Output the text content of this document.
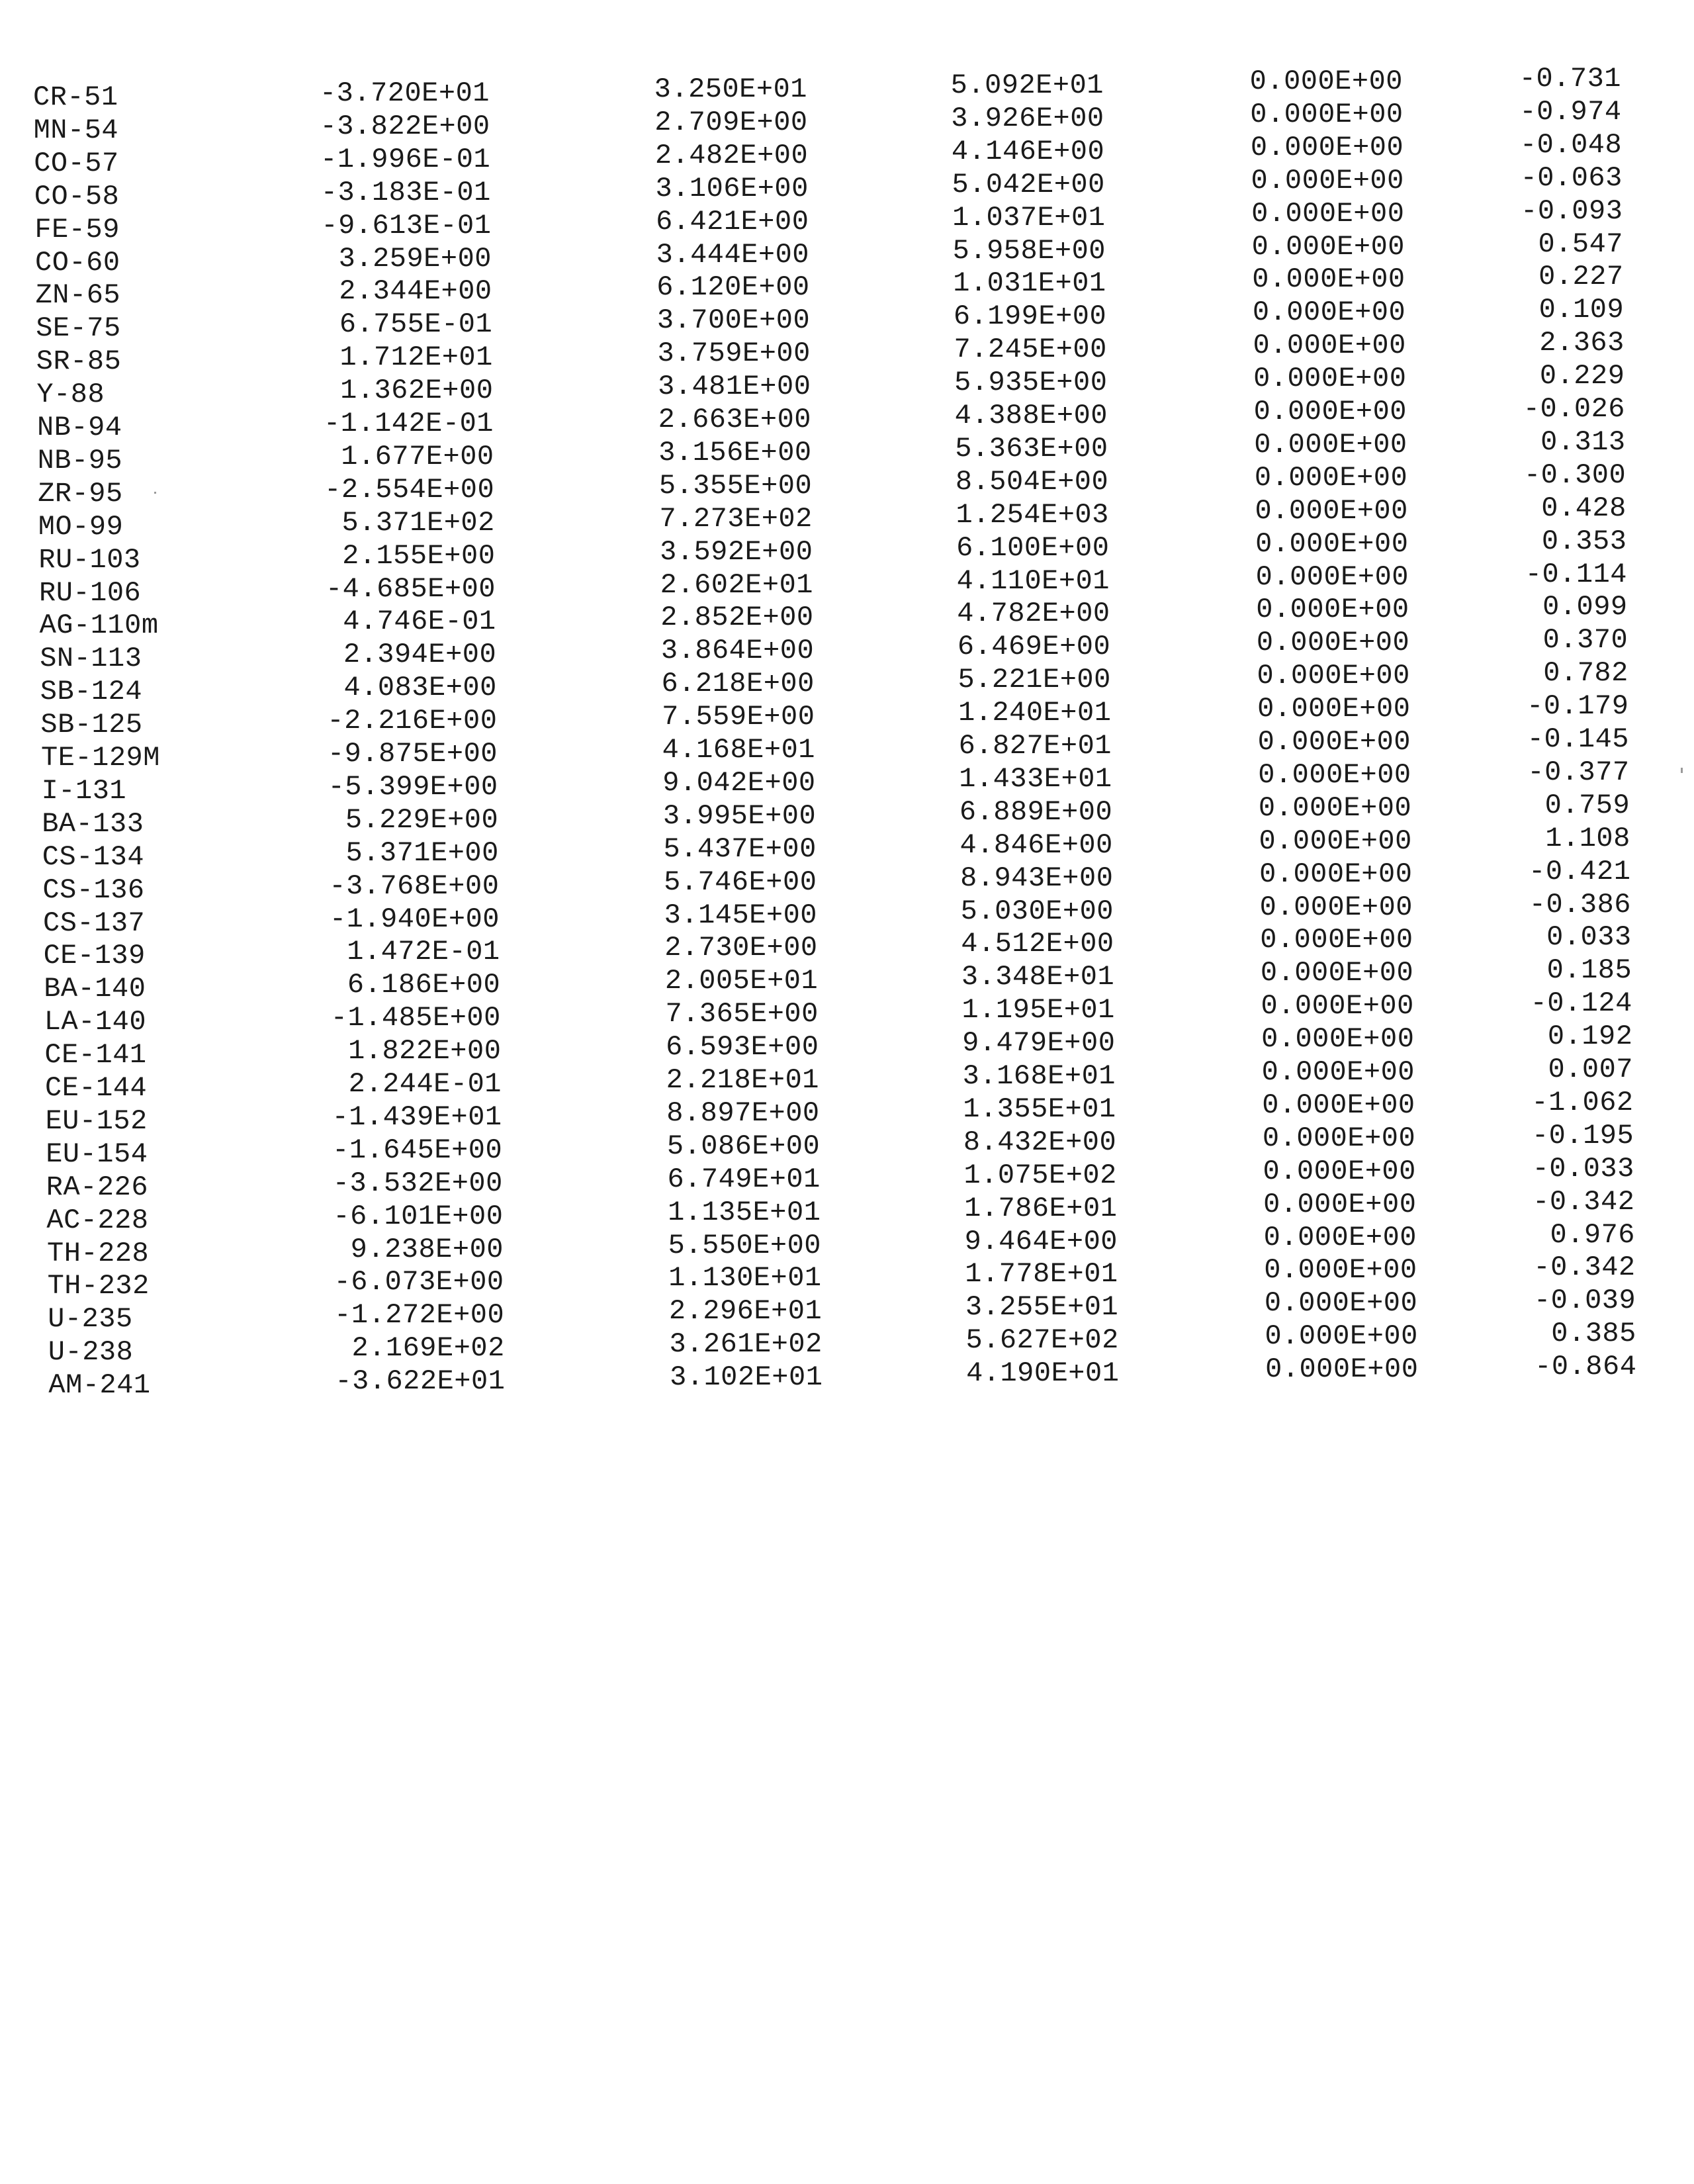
CR-51	-3.720E+01	3.250E+01	5.092E+01	0.000E+00	-0.731
MN-54	-3.822E+00	2.709E+00	3.926E+00	0.000E+00	-0.974
CO-57	-1.996E-01	2.482E+00	4.146E+00	0.000E+00	-0.048
CO-58	-3.183E-01	3.106E+00	5.042E+00	0.000E+00	-0.063
FE-59	-9.613E-01	6.421E+00	1.037E+01	0.000E+00	-0.093
CO-60	3.259E+00	3.444E+00	5.958E+00	0.000E+00	0.547
ZN-65	2.344E+00	6.120E+00	1.031E+01	0.000E+00	0.227
SE-75	6.755E-01	3.700E+00	6.199E+00	0.000E+00	0.109
SR-85	1.712E+01	3.759E+00	7.245E+00	0.000E+00	2.363
Y-88	1.362E+00	3.481E+00	5.935E+00	0.000E+00	0.229
NB-94	-1.142E-01	2.663E+00	4.388E+00	0.000E+00	-0.026
NB-95	1.677E+00	3.156E+00	5.363E+00	0.000E+00	0.313
ZR-95	-2.554E+00	5.355E+00	8.504E+00	0.000E+00	-0.300
MO-99	5.371E+02	7.273E+02	1.254E+03	0.000E+00	0.428
RU-103	2.155E+00	3.592E+00	6.100E+00	0.000E+00	0.353
RU-106	-4.685E+00	2.602E+01	4.110E+01	0.000E+00	-0.114
AG-110m	4.746E-01	2.852E+00	4.782E+00	0.000E+00	0.099
SN-113	2.394E+00	3.864E+00	6.469E+00	0.000E+00	0.370
SB-124	4.083E+00	6.218E+00	5.221E+00	0.000E+00	0.782
SB-125	-2.216E+00	7.559E+00	1.240E+01	0.000E+00	-0.179
TE-129M	-9.875E+00	4.168E+01	6.827E+01	0.000E+00	-0.145
I-131	-5.399E+00	9.042E+00	1.433E+01	0.000E+00	-0.377
BA-133	5.229E+00	3.995E+00	6.889E+00	0.000E+00	0.759
CS-134	5.371E+00	5.437E+00	4.846E+00	0.000E+00	1.108
CS-136	-3.768E+00	5.746E+00	8.943E+00	0.000E+00	-0.421
CS-137	-1.940E+00	3.145E+00	5.030E+00	0.000E+00	-0.386
CE-139	1.472E-01	2.730E+00	4.512E+00	0.000E+00	0.033
BA-140	6.186E+00	2.005E+01	3.348E+01	0.000E+00	0.185
LA-140	-1.485E+00	7.365E+00	1.195E+01	0.000E+00	-0.124
CE-141	1.822E+00	6.593E+00	9.479E+00	0.000E+00	0.192
CE-144	2.244E-01	2.218E+01	3.168E+01	0.000E+00	0.007
EU-152	-1.439E+01	8.897E+00	1.355E+01	0.000E+00	-1.062
EU-154	-1.645E+00	5.086E+00	8.432E+00	0.000E+00	-0.195
RA-226	-3.532E+00	6.749E+01	1.075E+02	0.000E+00	-0.033
AC-228	-6.101E+00	1.135E+01	1.786E+01	0.000E+00	-0.342
TH-228	9.238E+00	5.550E+00	9.464E+00	0.000E+00	0.976
TH-232	-6.073E+00	1.130E+01	1.778E+01	0.000E+00	-0.342
U-235	-1.272E+00	2.296E+01	3.255E+01	0.000E+00	-0.039
U-238	2.169E+02	3.261E+02	5.627E+02	0.000E+00	0.385
AM-241	-3.622E+01	3.102E+01	4.190E+01	0.000E+00	-0.864
